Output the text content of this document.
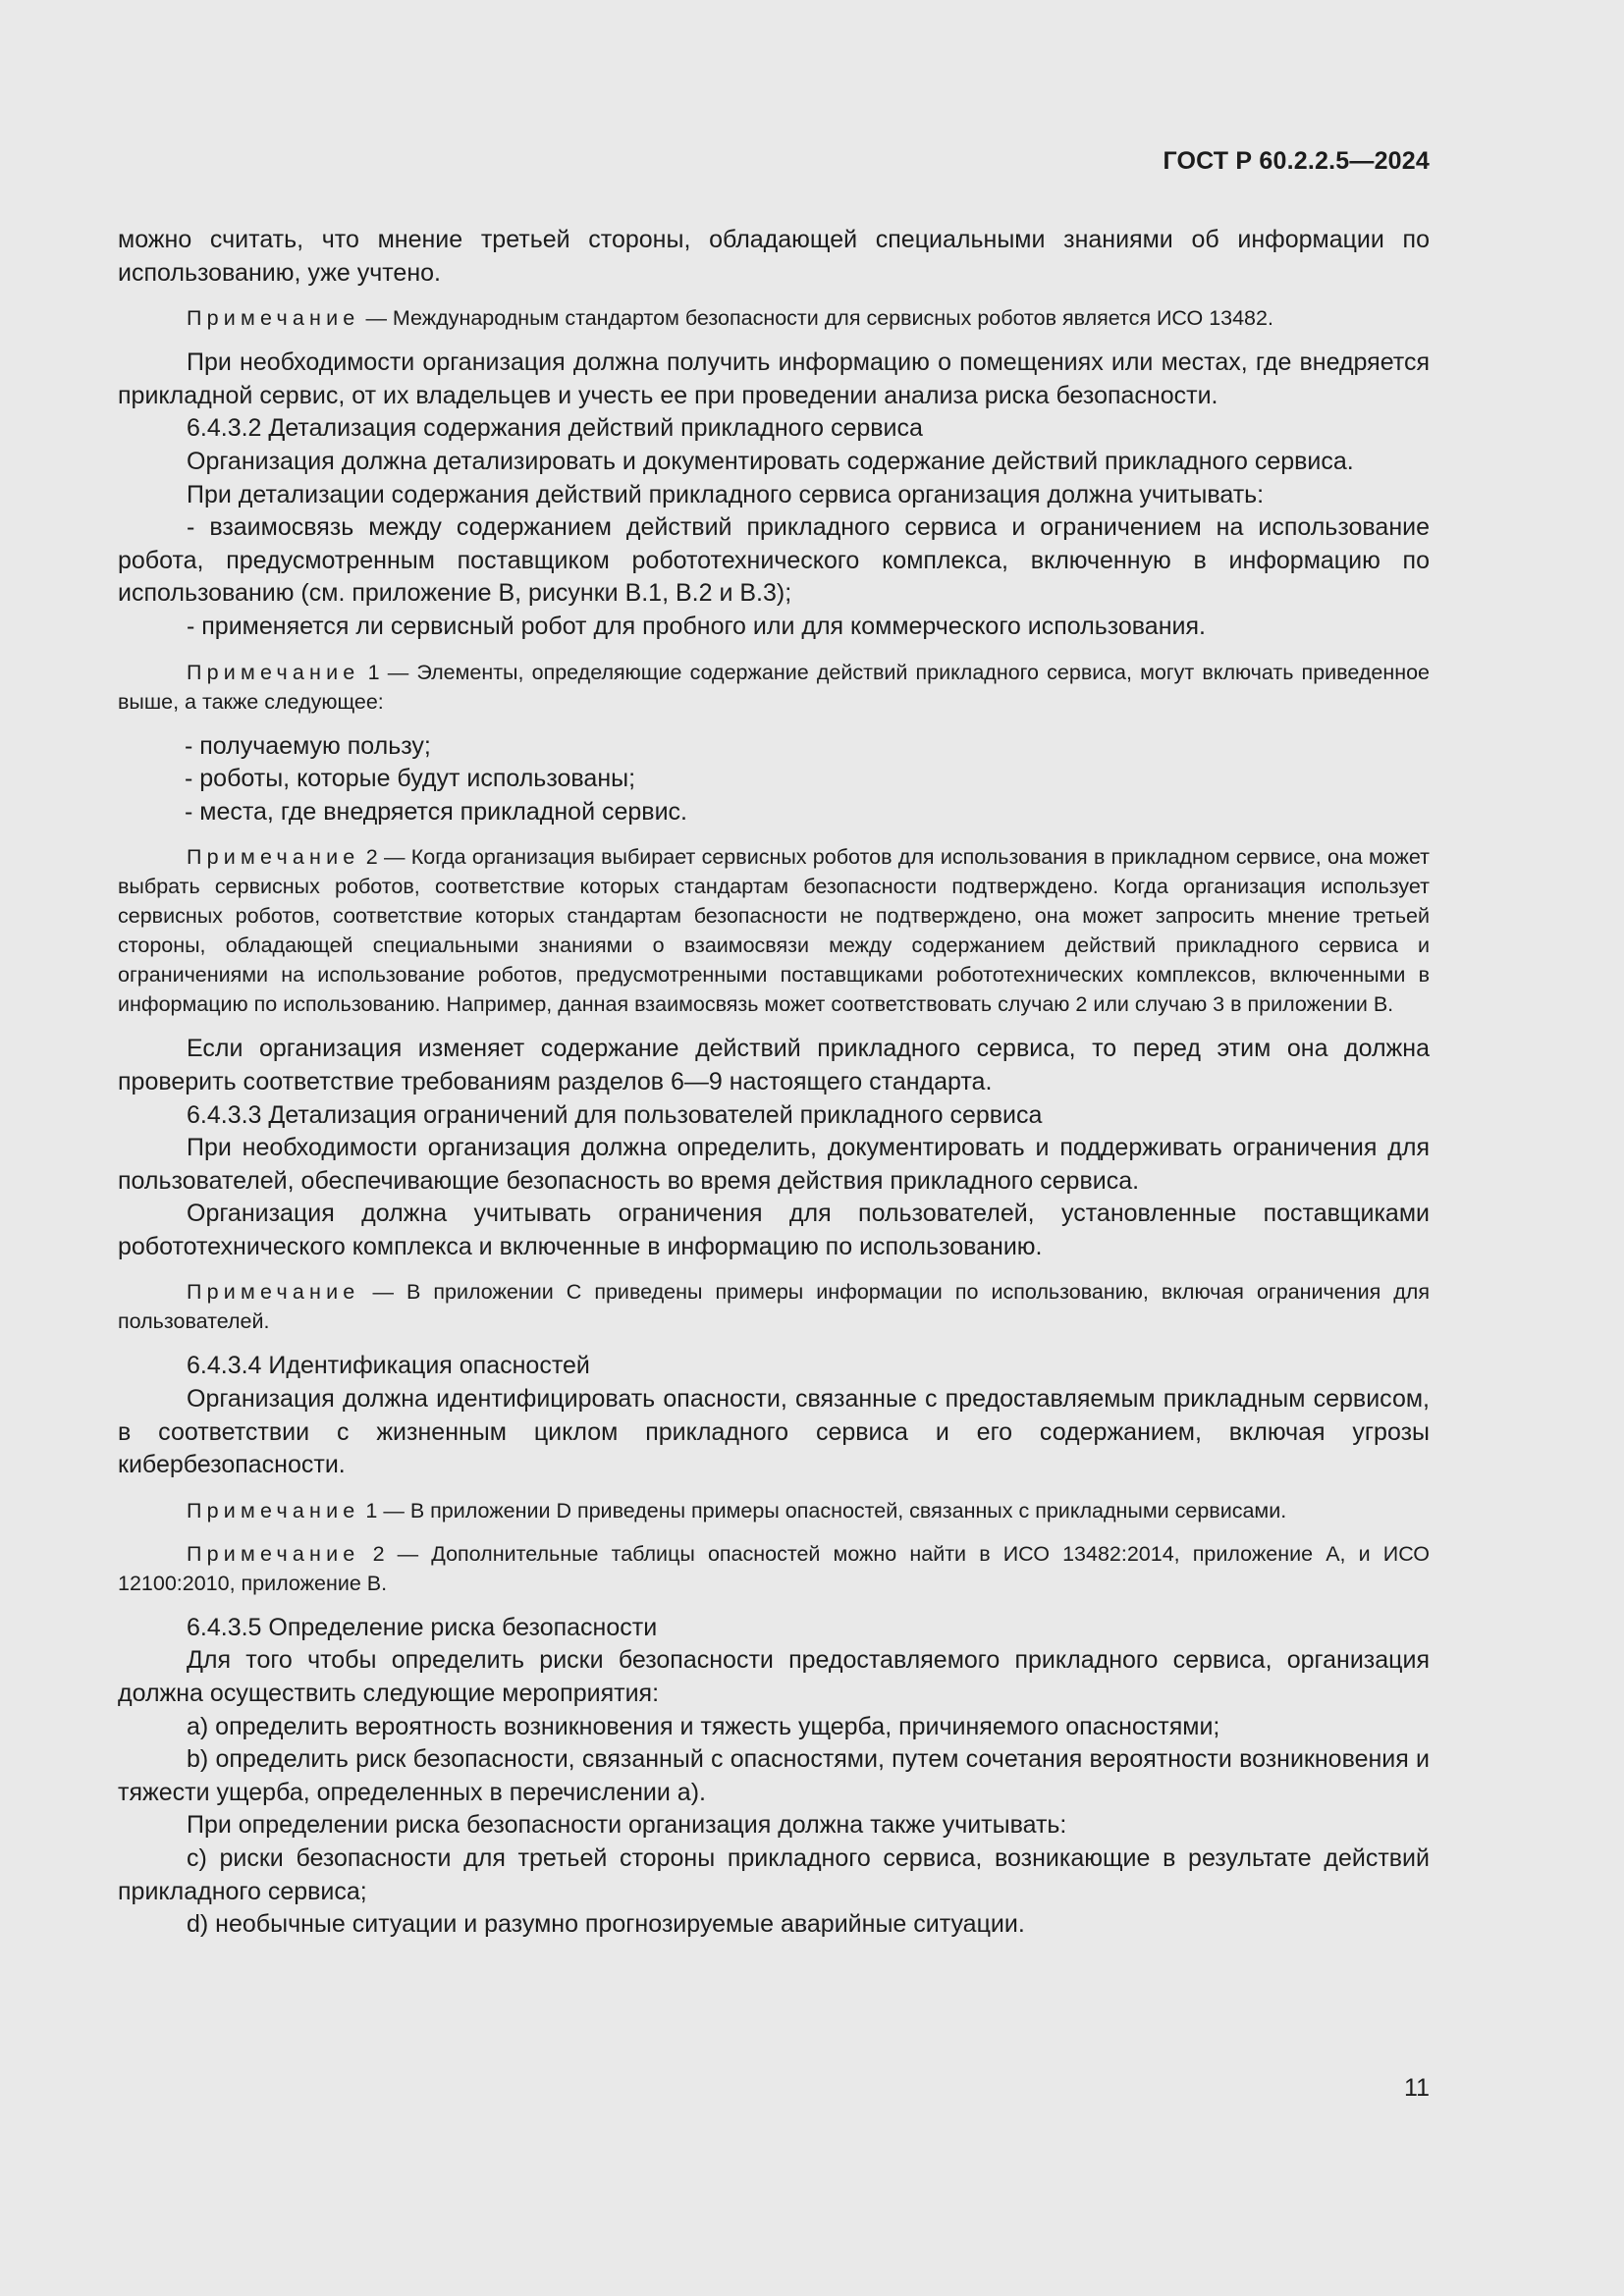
ГОСТ Р 60.2.2.5—2024

можно считать, что мнение третьей стороны, обладающей специальными знаниями об информации по использованию, уже учтено.

Примечание — Международным стандартом безопасности для сервисных роботов является ИСО 13482.

При необходимости организация должна получить информацию о помещениях или местах, где внедряется прикладной сервис, от их владельцев и учесть ее при проведении анализа риска безопасности.

6.4.3.2 Детализация содержания действий прикладного сервиса

Организация должна детализировать и документировать содержание действий прикладного сервиса.

При детализации содержания действий прикладного сервиса организация должна учитывать:

- взаимосвязь между содержанием действий прикладного сервиса и ограничением на использование робота, предусмотренным поставщиком робототехнического комплекса, включенную в информацию по использованию (см. приложение В, рисунки В.1, В.2 и В.3);

- применяется ли сервисный робот для пробного или для коммерческого использования.

Примечание 1 — Элементы, определяющие содержание действий прикладного сервиса, могут включать приведенное выше, а также следующее:

- получаемую пользу;

- роботы, которые будут использованы;

- места, где внедряется прикладной сервис.

Примечание 2 — Когда организация выбирает сервисных роботов для использования в прикладном сервисе, она может выбрать сервисных роботов, соответствие которых стандартам безопасности подтверждено. Когда организация использует сервисных роботов, соответствие которых стандартам безопасности не подтверждено, она может запросить мнение третьей стороны, обладающей специальными знаниями о взаимосвязи между содержанием действий прикладного сервиса и ограничениями на использование роботов, предусмотренными поставщиками робототехнических комплексов, включенными в информацию по использованию. Например, данная взаимосвязь может соответствовать случаю 2 или случаю 3 в приложении В.

Если организация изменяет содержание действий прикладного сервиса, то перед этим она должна проверить соответствие требованиям разделов 6—9 настоящего стандарта.

6.4.3.3 Детализация ограничений для пользователей прикладного сервиса

При необходимости организация должна определить, документировать и поддерживать ограничения для пользователей, обеспечивающие безопасность во время действия прикладного сервиса.

Организация должна учитывать ограничения для пользователей, установленные поставщиками робототехнического комплекса и включенные в информацию по использованию.

Примечание — В приложении С приведены примеры информации по использованию, включая ограничения для пользователей.

6.4.3.4 Идентификация опасностей

Организация должна идентифицировать опасности, связанные с предоставляемым прикладным сервисом, в соответствии с жизненным циклом прикладного сервиса и его содержанием, включая угрозы кибербезопасности.

Примечание 1 — В приложении D приведены примеры опасностей, связанных с прикладными сервисами.

Примечание 2 — Дополнительные таблицы опасностей можно найти в ИСО 13482:2014, приложение А, и ИСО 12100:2010, приложение В.

6.4.3.5 Определение риска безопасности

Для того чтобы определить риски безопасности предоставляемого прикладного сервиса, организация должна осуществить следующие мероприятия:

a) определить вероятность возникновения и тяжесть ущерба, причиняемого опасностями;

b) определить риск безопасности, связанный с опасностями, путем сочетания вероятности возникновения и тяжести ущерба, определенных в перечислении а).

При определении риска безопасности организация должна также учитывать:

c) риски безопасности для третьей стороны прикладного сервиса, возникающие в результате действий прикладного сервиса;

d) необычные ситуации и разумно прогнозируемые аварийные ситуации.

11
